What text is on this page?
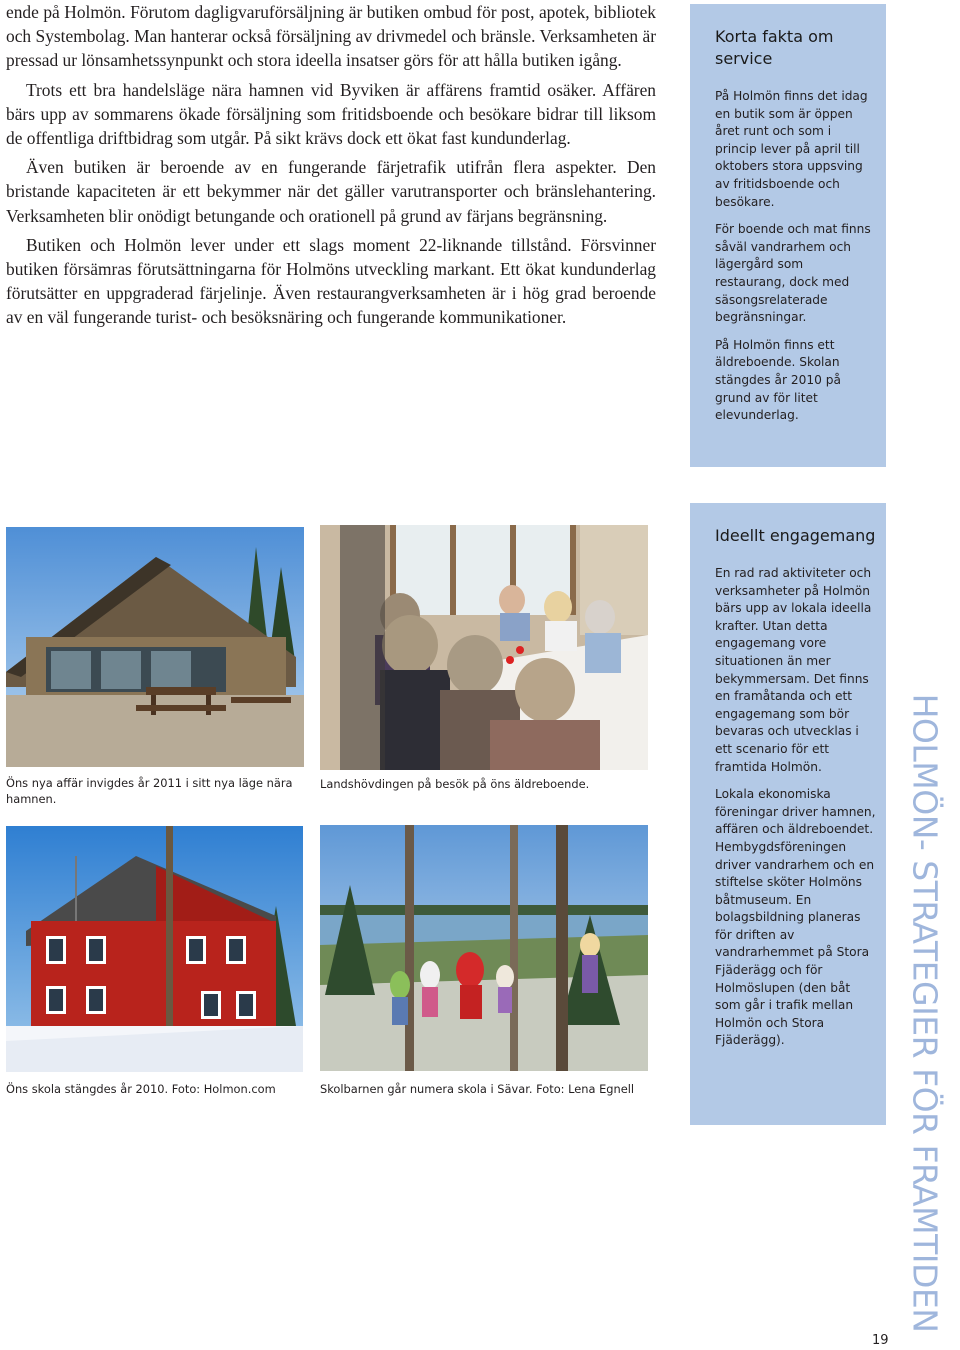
ende på Holmön. Förutom dagligvaruförsäljning är butiken ombud för post, apotek, bibliotek och Systembolag. Man hanterar också försäljning av drivmedel och bränsle. Verksamheten är pressad ur lönsamhetssynpunkt och stora ideella insatser görs för att hålla butiken igång.

Trots ett bra handelsläge nära hamnen vid Byviken är affärens framtid osäker. Affären bärs upp av sommarens ökade försäljning som fritidsboende och besökare bidrar till liksom de offentliga driftbidrag som utgår. På sikt krävs dock ett ökat fast kundunderlag.

Även butiken är beroende av en fungerande färjetrafik utifrån flera aspekter. Den bristande kapaciteten är ett bekymmer när det gäller varutransporter och bränslehantering. Verksamheten blir onödigt betungande och orationell på grund av färjans begränsning.

Butiken och Holmön lever under ett slags moment 22-liknande tillstånd. Försvinner butiken försämras förutsättningarna för Holmöns utveckling markant. Ett ökat kundunderlag förutsätter en uppgraderad färjelinje. Även restaurangverksamheten är i hög grad beroende av en väl fungerande turist- och besöksnäring och fungerande kommunikationer.

Korta fakta om service

På Holmön finns det idag en butik som är öppen året runt och som i princip lever på april till oktobers stora uppsving av fritidsboende och besökare.

För boende och mat finns såväl vandrarhem och lägergård som restaurang, dock med säsongsrelaterade begränsningar.

På Holmön finns ett äldreboende. Skolan stängdes år 2010 på grund av för litet elevunderlag.

Ideellt engagemang

En rad rad aktiviteter och verksamheter på Holmön bärs upp av lokala ideella krafter. Utan detta engagemang vore situationen än mer bekymmersam. Det finns en framåtanda och ett engagemang som bör bevaras och utvecklas i ett scenario för ett framtida Holmön.

Lokala ekonomiska föreningar driver hamnen, affären och äldreboendet. Hembygdsföreningen driver vandrarhem och en stiftelse sköter Holmöns båtmuseum. En bolagsbildning planeras för driften av vandrarhemmet på Stora Fjäderägg och för Holmöslupen (den båt som går i trafik mellan Holmön och Stora Fjäderägg).

Öns nya affär invigdes år 2011 i sitt nya läge nära hamnen.
Landshövdingen på besök på öns äldreboende.
Öns skola stängdes år 2010. Foto: Holmon.com	Skolbarnen går numera skola i Sävar. Foto: Lena Egnell	HOLMÖN- STRATEGIER FÖR FRAMTIDEN
19
